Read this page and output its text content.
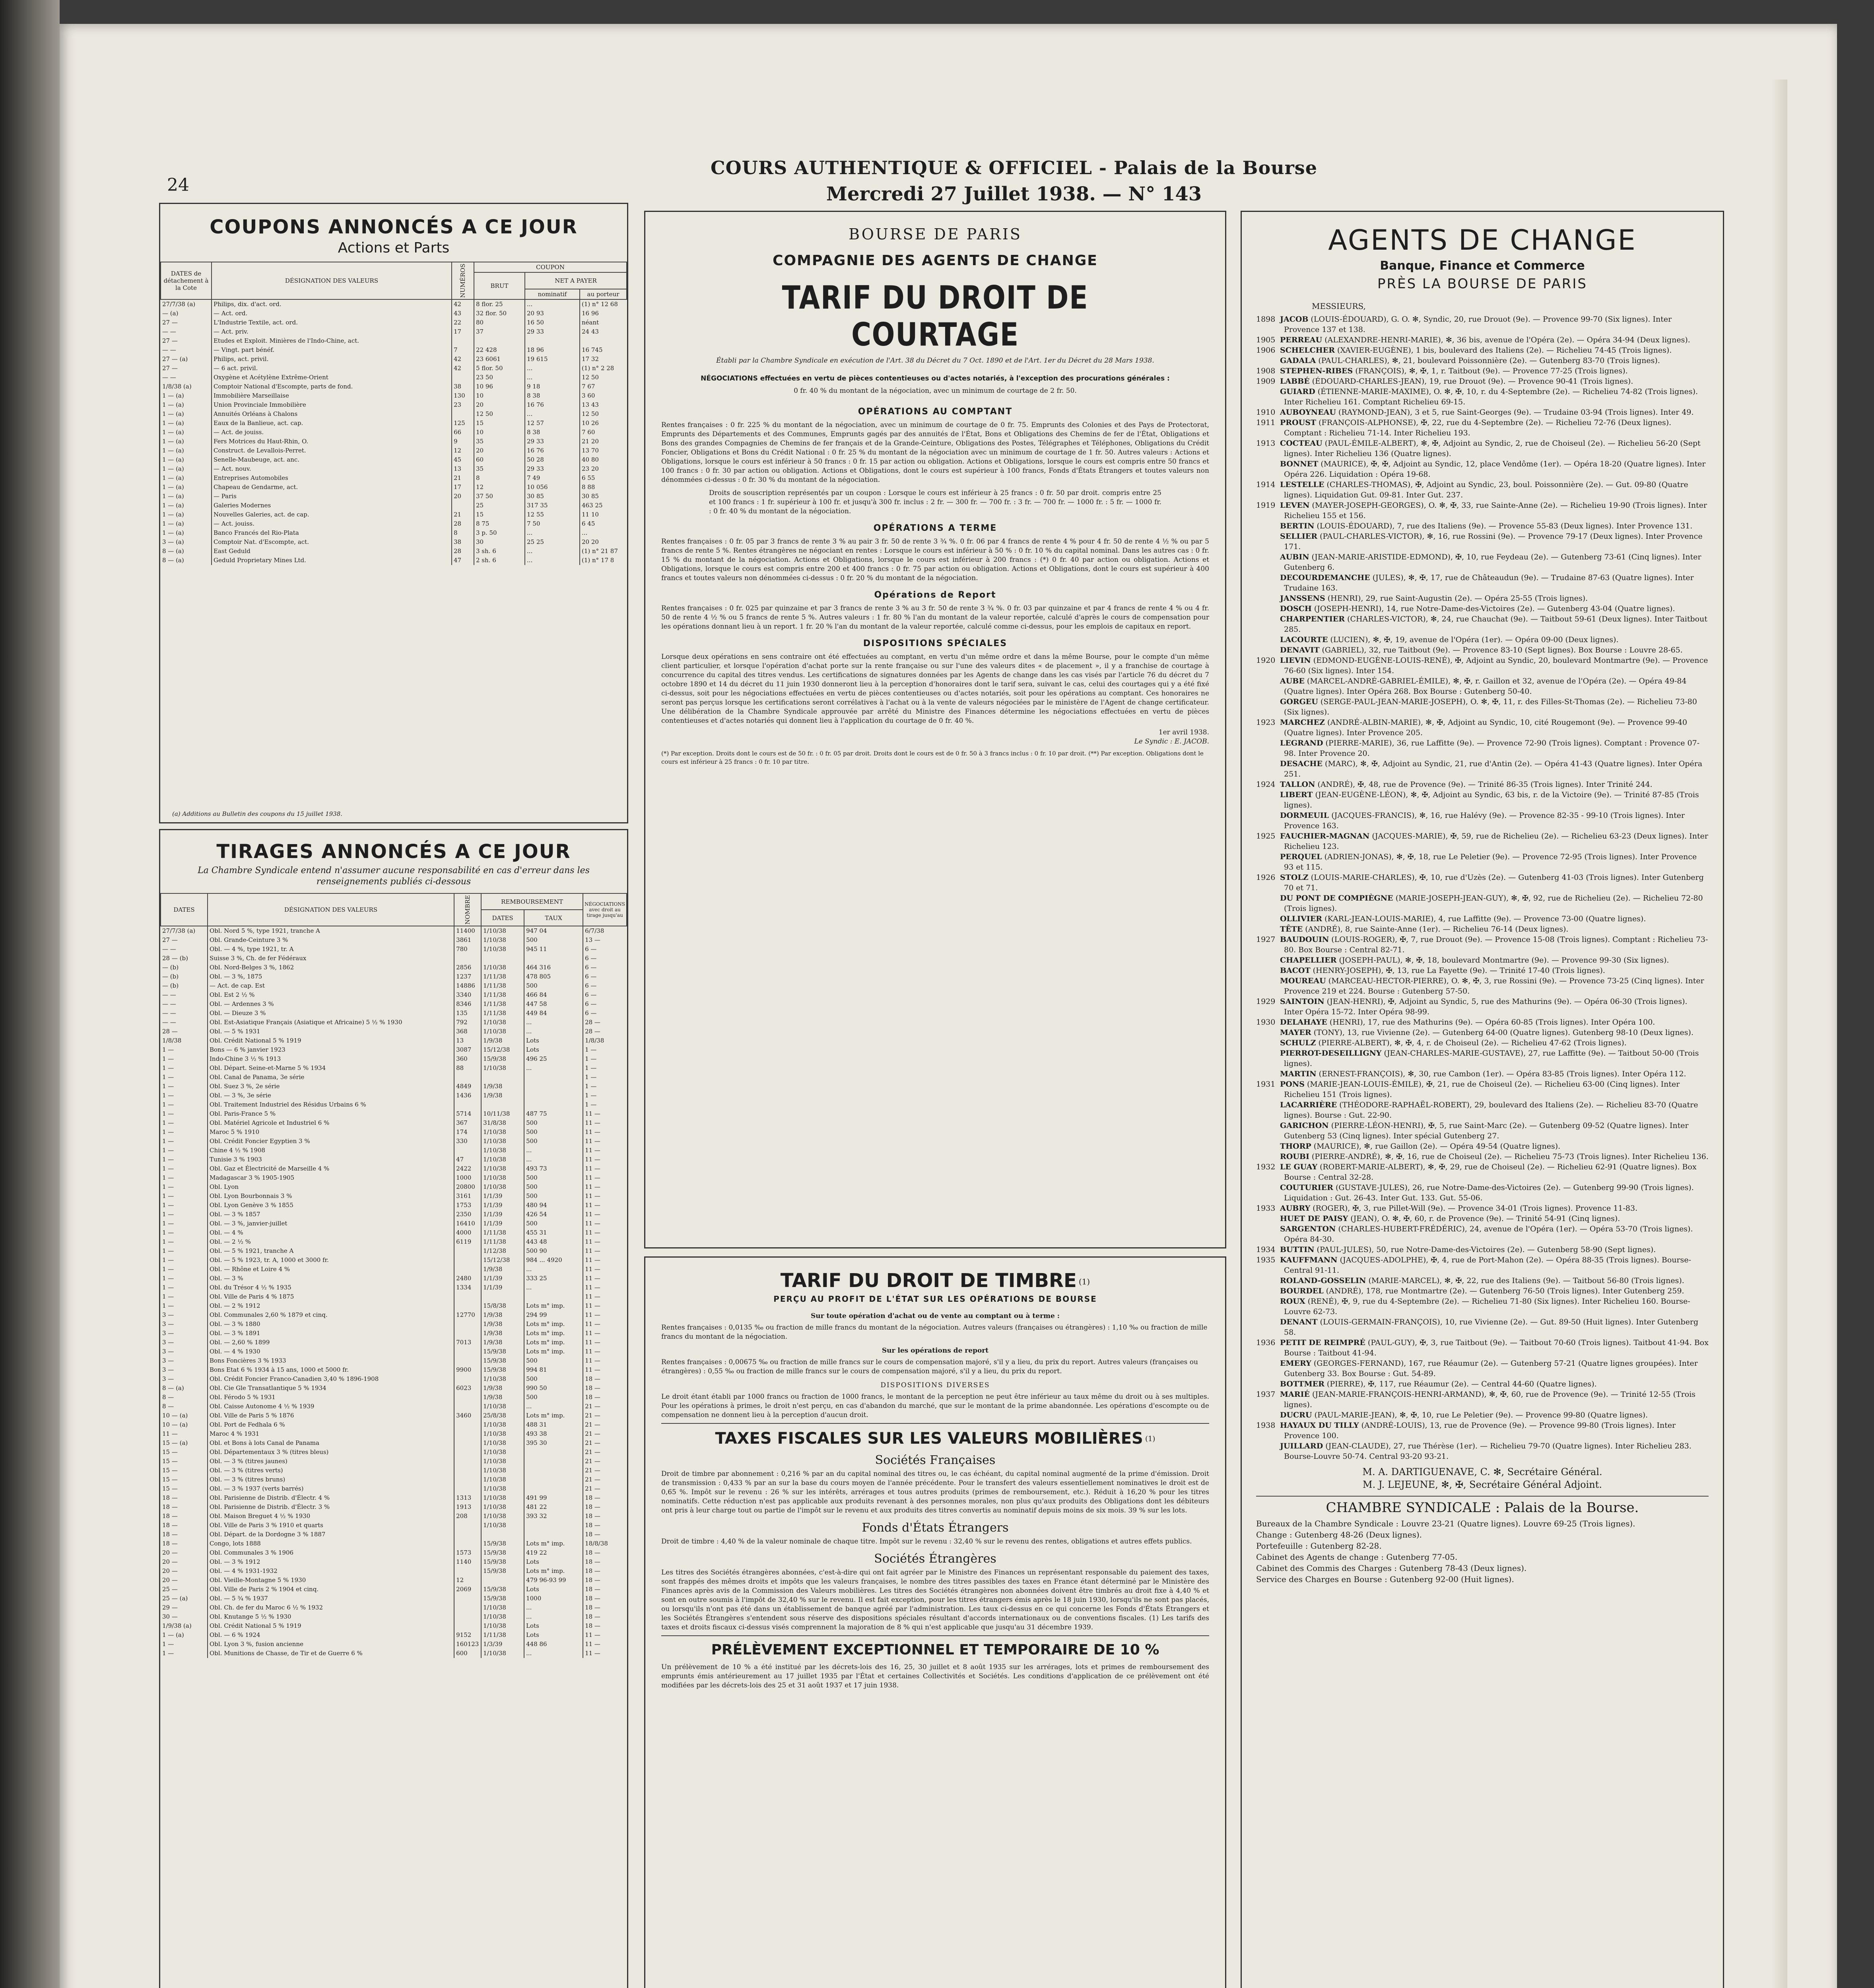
24
COURS AUTHENTIQUE & OFFICIEL - Palais de la Bourse
Mercredi 27 Juillet 1938. — N° 143
COUPONS ANNONCÉS A CE JOUR
Actions et Parts
DATES de détachement à la Cote	DÉSIGNATION DES VALEURS	NUMÉROS	COUPON		
			BRUT	NET A PAYER	
				nominatif	au porteur
27/7/38 (a)	Philips, dix. d'act. ord.	42	8 flor. 25	...	(1) n° 12 68
— (a)	— Act. ord.	43	32 flor. 50	20 93	16 96
27 —	L'Industrie Textile, act. ord.	22	80	16 50	néant
— —	— Act. priv.	17	37	29 33	24 43
27 —	Etudes et Exploit. Minières de l'Indo-Chine, act.				
— —	— Vingt. part bénéf.	7	22 428	18 96	16 745
27 — (a)	Philips, act. privil.	42	23 6061	19 615	17 32
27 —	— 6 act. privil.	42	5 flor. 50	...	(1) n° 2 28
— —	Oxygène et Acétylène Extrême-Orient		23 50	...	12 50
1/8/38 (a)	Comptoir National d'Escompte, parts de fond.	38	10 96	9 18	7 67
1 — (a)	Immobilière Marseillaise	130	10	8 38	3 60
1 — (a)	Union Provinciale Immobilière	23	20	16 76	13 43
1 — (a)	Annuités Orléans à Chalons		12 50	...	12 50
1 — (a)	Eaux de la Banlieue, act. cap.	125	15	12 57	10 26
1 — (a)	— Act. de jouiss.	66	10	8 38	7 60
1 — (a)	Fers Motrices du Haut-Rhin, O.	9	35	29 33	21 20
1 — (a)	Construct. de Levallois-Perret.	12	20	16 76	13 70
1 — (a)	Senelle-Maubeuge, act. anc.	45	60	50 28	40 80
1 — (a)	— Act. nouv.	13	35	29 33	23 20
1 — (a)	Entreprises Automobiles	21	8	7 49	6 55
1 — (a)	Chapeau de Gendarme, act.	17	12	10 056	8 88
1 — (a)	— Paris	20	37 50	30 85	30 85
1 — (a)	Galeries Modernes		25	317 35	463 25
1 — (a)	Nouvelles Galeries, act. de cap.	21	15	12 55	11 10
1 — (a)	— Act. jouiss.	28	8 75	7 50	6 45
1 — (a)	Banco Francés del Rio-Plata	8	3 p. 50	...	...
3 — (a)	Comptoir Nat. d'Escompte, act.	38	30	25 25	20 20
8 — (a)	East Geduld	28	3 sh. 6	...	(1) n° 21 87
8 — (a)	Geduld Proprietary Mines Ltd.	47	2 sh. 6	...	(1) n° 17 8
(a) Additions au Bulletin des coupons du 15 juillet 1938.
TIRAGES ANNONCÉS A CE JOUR
La Chambre Syndicale entend n'assumer aucune responsabilité en cas d'erreur dans les renseignements publiés ci-dessous
DATES	DÉSIGNATION DES VALEURS	NOMBRE	REMBOURSEMENT		NÉGOCIATIONS avec droit au tirage jusqu'au
			DATES	TAUX	
27/7/38 (a)	Obl. Nord 5 %, type 1921, tranche A	11400	1/10/38	947 04	6/7/38
27 —	Obl. Grande-Ceinture 3 %	3861	1/10/38	500	13 —
— —	Obl. — 4 %, type 1921, tr. A	780	1/10/38	945 11	6 —
28 — (b)	Suisse 3 %, Ch. de fer Fédéraux				6 —
— (b)	Obl. Nord-Belges 3 %, 1862	2856	1/10/38	464 316	6 —
— (b)	Obl. — 3 %, 1875	1237	1/11/38	478 805	6 —
— (b)	— Act. de cap. Est	14886	1/11/38	500	6 —
— —	Obl. Est 2 ½ %	3340	1/11/38	466 84	6 —
— —	Obl. — Ardennes 3 %	8346	1/11/38	447 58	6 —
— —	Obl. — Dieuze 3 %	135	1/11/38	449 84	6 —
— —	Obl. Est-Asiatique Français (Asiatique et Africaine) 5 ½ % 1930	792	1/10/38	...	28 —
28 —	Obl. — 5 % 1931	368	1/10/38	...	28 —
1/8/38	Obl. Crédit National 5 % 1919	13	1/9/38	Lots	1/8/38
1 —	Bons — 6 % janvier 1923	3087	15/12/38	Lots	1 —
1 —	Indo-Chine 3 ½ % 1913	360	15/9/38	496 25	1 —
1 —	Obl. Départ. Seine-et-Marne 5 % 1934	88	1/10/38	...	1 —
1 —	Obl. Canal de Panama, 3e série				1 —
1 —	Obl. Suez 3 %, 2e série	4849	1/9/38		1 —
1 —	Obl. — 3 %, 3e série	1436	1/9/38		1 —
1 —	Obl. Traitement Industriel des Résidus Urbains 6 %				1 —
1 —	Obl. Paris-France 5 %	5714	10/11/38	487 75	11 —
1 —	Obl. Matériel Agricole et Industriel 6 %	367	31/8/38	500	11 —
1 —	Maroc 5 % 1910	174	1/10/38	500	11 —
1 —	Obl. Crédit Foncier Egyptien 3 %	330	1/10/38	500	11 —
1 —	Chine 4 ½ % 1908		1/10/38	...	11 —
1 —	Tunisie 3 % 1903	47	1/10/38	...	11 —
1 —	Obl. Gaz et Électricité de Marseille 4 %	2422	1/10/38	493 73	11 —
1 —	Madagascar 3 % 1905-1905	1000	1/10/38	500	11 —
1 —	Obl. Lyon	20800	1/10/38	500	11 —
1 —	Obl. Lyon Bourbonnais 3 %	3161	1/1/39	500	11 —
1 —	Obl. Lyon Genève 3 % 1855	1753	1/1/39	480 94	11 —
1 —	Obl. — 3 % 1857	2350	1/1/39	426 54	11 —
1 —	Obl. — 3 %, janvier-juillet	16410	1/1/39	500	11 —
1 —	Obl. — 4 %	4000	1/11/38	455 31	11 —
1 —	Obl. — 2 ½ %	6119	1/11/38	443 48	11 —
1 —	Obl. — 5 % 1921, tranche A		1/12/38	500 90	11 —
1 —	Obl. — 5 % 1923, tr. A, 1000 et 3000 fr.		15/12/38	984 ... 4920	11 —
1 —	Obl. — Rhône et Loire 4 %		1/9/38	...	11 —
1 —	Obl. — 3 %	2480	1/1/39	333 25	11 —
1 —	Obl. du Trésor 4 ½ % 1935	1334	1/1/39	...	11 —
1 —	Obl. Ville de Paris 4 % 1875				11 —
1 —	Obl. — 2 % 1912		15/8/38	Lots m° imp.	11 —
3 —	Obl. Communales 2,60 % 1879 et cinq.	12770	1/9/38	294 99	11 —
3 —	Obl. — 3 % 1880		1/9/38	Lots m° imp.	11 —
3 —	Obl. — 3 % 1891		1/9/38	Lots m° imp.	11 —
3 —	Obl. — 2,60 % 1899	7013	1/9/38	Lots m° imp.	11 —
3 —	Obl. — 4 % 1930		15/9/38	Lots m° imp.	11 —
3 —	Bons Foncières 3 % 1933		15/9/38	500	11 —
3 —	Bons Etat 6 % 1934 à 15 ans, 1000 et 5000 fr.	9900	15/9/38	994 81	11 —
3 —	Obl. Crédit Foncier Franco-Canadien 3,40 % 1896-1908		1/10/38	500	18 —
8 — (a)	Obl. Cie Gle Transatlantique 5 % 1934	6023	1/9/38	990 50	18 —
8 —	Obl. Férodo 5 % 1931		1/9/38	500	18 —
8 —	Obl. Caisse Autonome 4 ½ % 1939		1/10/38	...	21 —
10 — (a)	Obl. Ville de Paris 5 % 1876	3460	25/8/38	Lots m° imp.	21 —
10 — (a)	Obl. Port de Fedhala 6 %		1/10/38	488 31	21 —
11 —	Maroc 4 % 1931		1/10/38	493 38	21 —
15 — (a)	Obl. et Bons à lots Canal de Panama		1/10/38	395 30	21 —
15 —	Obl. Départementaux 3 % (titres bleus)		1/10/38		21 —
15 —	Obl. — 3 % (titres jaunes)		1/10/38		21 —
15 —	Obl. — 3 % (titres verts)		1/10/38		21 —
15 —	Obl. — 3 % (titres bruns)		1/10/38		21 —
15 —	Obl. — 3 % 1937 (verts barrés)		1/10/38		21 —
18 —	Obl. Parisienne de Distrib. d'Électr. 4 %	1313	1/10/38	491 99	18 —
18 —	Obl. Parisienne de Distrib. d'Électr. 3 %	1913	1/10/38	481 22	18 —
18 —	Obl. Maison Breguet 4 ½ % 1930	208	1/10/38	393 32	18 —
18 —	Obl. Ville de Paris 3 % 1910 et quarts		1/10/38		18 —
18 —	Obl. Départ. de la Dordogne 3 % 1887				18 —
18 —	Congo, lots 1888		15/9/38	Lots m° imp.	18/8/38
20 —	Obl. Communales 3 % 1906	1573	15/9/38	419 22	18 —
20 —	Obl. — 3 % 1912	1140	15/9/38	Lots	18 —
20 —	Obl. — 4 % 1931-1932		15/9/38	Lots m° imp.	18 —
20 —	Obl. Vieille-Montagne 5 % 1930	12		479 96-93 99	18 —
25 —	Obl. Ville de Paris 2 % 1904 et cinq.	2069	15/9/38	Lots	18 —
25 — (a)	Obl. — 5 ¾ % 1937		15/9/38	1000	18 —
29 —	Obl. Ch. de fer du Maroc 6 ½ % 1932		1/10/38	...	18 —
30 —	Obl. Knutange 5 ½ % 1930		1/10/38	...	18 —
1/9/38 (a)	Obl. Crédit National 5 % 1919		1/10/38	Lots	18 —
1 — (a)	Obl. — 6 % 1924	9152	1/11/38	Lots	11 —
1 —	Obl. Lyon 3 %, fusion ancienne	160123	1/3/39	448 86	11 —
1 —	Obl. Munitions de Chasse, de Tir et de Guerre 6 %	600	1/10/38	...	11 —
BOURSE DE PARIS
COMPAGNIE DES AGENTS DE CHANGE
TARIF DU DROIT DE COURTAGE
Établi par la Chambre Syndicale en exécution de l'Art. 38 du Décret du 7 Oct. 1890 et de l'Art. 1er du Décret du 28 Mars 1938.
NÉGOCIATIONS effectuées en vertu de pièces contentieuses ou d'actes notariés, à l'exception des procurations générales :
0 fr. 40 % du montant de la négociation, avec un minimum de courtage de 2 fr. 50.
OPÉRATIONS AU COMPTANT
Rentes françaises : 0 fr. 225 % du montant de la négociation, avec un minimum de courtage de 0 fr. 75. Emprunts des Colonies et des Pays de Protectorat, Emprunts des Départements et des Communes, Emprunts gagés par des annuités de l'État, Bons et Obligations des Chemins de fer de l'État, Obligations et Bons des grandes Compagnies de Chemins de fer français et de la Grande-Ceinture, Obligations des Postes, Télégraphes et Téléphones, Obligations du Crédit Foncier, Obligations et Bons du Crédit National : 0 fr. 25 % du montant de la négociation avec un minimum de courtage de 1 fr. 50. Autres valeurs : Actions et Obligations, lorsque le cours est inférieur à 50 francs : 0 fr. 15 par action ou obligation. Actions et Obligations, lorsque le cours est compris entre 50 francs et 100 francs : 0 fr. 30 par action ou obligation. Actions et Obligations, dont le cours est supérieur à 100 francs, Fonds d'États Étrangers et toutes valeurs non dénommées ci-dessus : 0 fr. 30 % du montant de la négociation.
Droits de souscription représentés par un coupon : Lorsque le cours est inférieur à 25 francs : 0 fr. 50 par droit. compris entre 25 et 100 francs : 1 fr. supérieur à 100 fr. et jusqu'à 300 fr. inclus : 2 fr. — 300 fr. — 700 fr. : 3 fr. — 700 fr. — 1000 fr. : 5 fr. — 1000 fr. : 0 fr. 40 % du montant de la négociation.
OPÉRATIONS A TERME
Rentes françaises : 0 fr. 05 par 3 francs de rente 3 % au pair 3 fr. 50 de rente 3 ¾ %. 0 fr. 06 par 4 francs de rente 4 % pour 4 fr. 50 de rente 4 ½ % ou par 5 francs de rente 5 %. Rentes étrangères ne négociant en rentes : Lorsque le cours est inférieur à 50 % : 0 fr. 10 % du capital nominal. Dans les autres cas : 0 fr. 15 % du montant de la négociation. Actions et Obligations, lorsque le cours est inférieur à 200 francs : (*) 0 fr. 40 par action ou obligation. Actions et Obligations, lorsque le cours est compris entre 200 et 400 francs : 0 fr. 75 par action ou obligation. Actions et Obligations, dont le cours est supérieur à 400 francs et toutes valeurs non dénommées ci-dessus : 0 fr. 20 % du montant de la négociation.
Opérations de Report
Rentes françaises : 0 fr. 025 par quinzaine et par 3 francs de rente 3 % au 3 fr. 50 de rente 3 ¾ %. 0 fr. 03 par quinzaine et par 4 francs de rente 4 % ou 4 fr. 50 de rente 4 ½ % ou 5 francs de rente 5 %. Autres valeurs : 1 fr. 80 % l'an du montant de la valeur reportée, calculé d'après le cours de compensation pour les opérations donnant lieu à un report. 1 fr. 20 % l'an du montant de la valeur reportée, calculé comme ci-dessus, pour les emplois de capitaux en report.
DISPOSITIONS SPÉCIALES
Lorsque deux opérations en sens contraire ont été effectuées au comptant, en vertu d'un même ordre et dans la même Bourse, pour le compte d'un même client particulier, et lorsque l'opération d'achat porte sur la rente française ou sur l'une des valeurs dites « de placement », il y a franchise de courtage à concurrence du capital des titres vendus. Les certifications de signatures données par les Agents de change dans les cas visés par l'article 76 du décret du 7 octobre 1890 et 14 du décret du 11 juin 1930 donneront lieu à la perception d'honoraires dont le tarif sera, suivant le cas, celui des courtages qui y a été fixé ci-dessus, soit pour les négociations effectuées en vertu de pièces contentieuses ou d'actes notariés, soit pour les opérations au comptant. Ces honoraires ne seront pas perçus lorsque les certifications seront corrélatives à l'achat ou à la vente de valeurs négociées par le ministère de l'Agent de change certificateur. Une délibération de la Chambre Syndicale approuvée par arrêté du Ministre des Finances détermine les négociations effectuées en vertu de pièces contentieuses et d'actes notariés qui donnent lieu à l'application du courtage de 0 fr. 40 %.
1er avril 1938.
Le Syndic : E. JACOB.
(*) Par exception. Droits dont le cours est de 50 fr. : 0 fr. 05 par droit. Droits dont le cours est de 0 fr. 50 à 3 francs inclus : 0 fr. 10 par droit. (**) Par exception. Obligations dont le cours est inférieur à 25 francs : 0 fr. 10 par titre.
TARIF DU DROIT DE TIMBRE $^{(1)}$
PERÇU AU PROFIT DE L'ÉTAT SUR LES OPÉRATIONS DE BOURSE
Sur toute opération d'achat ou de vente au comptant ou à terme :
Rentes françaises : 0,0135 ‰ ou fraction de mille francs du montant de la négociation. Autres valeurs (françaises ou étrangères) : 1,10 ‰ ou fraction de mille francs du montant de la négociation.
Sur les opérations de report
Rentes françaises : 0,00675 ‰ ou fraction de mille francs sur le cours de compensation majoré, s'il y a lieu, du prix du report. Autres valeurs (françaises ou étrangères) : 0,55 ‰ ou fraction de mille francs sur le cours de compensation majoré, s'il y a lieu, du prix du report.
DISPOSITIONS DIVERSES
Le droit étant établi par 1000 francs ou fraction de 1000 francs, le montant de la perception ne peut être inférieur au taux même du droit ou à ses multiples. Pour les opérations à primes, le droit n'est perçu, en cas d'abandon du marché, que sur le montant de la prime abandonnée. Les opérations d'escompte ou de compensation ne donnent lieu à la perception d'aucun droit.
TAXES FISCALES SUR LES VALEURS MOBILIÈRES $^{(1)}$
Sociétés Françaises
Droit de timbre par abonnement : 0,216 % par an du capital nominal des titres ou, le cas échéant, du capital nominal augmenté de la prime d'émission. Droit de transmission : 0,433 % par an sur la base du cours moyen de l'année précédente. Pour le transfert des valeurs essentiellement nominatives le droit est de 0,65 %. Impôt sur le revenu : 26 % sur les intérêts, arrérages et tous autres produits (primes de remboursement, etc.). Réduit à 16,20 % pour les titres nominatifs. Cette réduction n'est pas applicable aux produits revenant à des personnes morales, non plus qu'aux produits des Obligations dont les débiteurs ont pris à leur charge tout ou partie de l'impôt sur le revenu et aux produits des titres convertis au nominatif depuis moins de six mois. 39 % sur les lots.
Fonds d'États Étrangers
Droit de timbre : 4,40 % de la valeur nominale de chaque titre. Impôt sur le revenu : 32,40 % sur le revenu des rentes, obligations et autres effets publics.
Sociétés Étrangères
Les titres des Sociétés étrangères abonnées, c'est-à-dire qui ont fait agréer par le Ministre des Finances un représentant responsable du paiement des taxes, sont frappés des mêmes droits et impôts que les valeurs françaises, le nombre des titres passibles des taxes en France étant déterminé par le Ministère des Finances après avis de la Commission des Valeurs mobilières. Les titres des Sociétés étrangères non abonnées doivent être timbrés au droit fixe à 4,40 % et sont en outre soumis à l'impôt de 32,40 % sur le revenu. Il est fait exception, pour les titres étrangers émis après le 18 juin 1930, lorsqu'ils ne sont pas placés, ou lorsqu'ils n'ont pas été dans un établissement de banque agréé par l'administration. Les taux ci-dessus en ce qui concerne les Fonds d'États Étrangers et les Sociétés Étrangères s'entendent sous réserve des dispositions spéciales résultant d'accords internationaux ou de conventions fiscales. (1) Les tarifs des taxes et droits fiscaux ci-dessus visés comprennent la majoration de 8 % qui n'est applicable que jusqu'au 31 décembre 1939.
PRÉLÈVEMENT EXCEPTIONNEL ET TEMPORAIRE DE 10 %
Un prélèvement de 10 % a été institué par les décrets-lois des 16, 25, 30 juillet et 8 août 1935 sur les arrérages, lots et primes de remboursement des emprunts émis antérieurement au 17 juillet 1935 par l'État et certaines Collectivités et Sociétés. Les conditions d'application de ce prélèvement ont été modifiées par les décrets-lois des 25 et 31 août 1937 et 17 juin 1938.
AGENTS DE CHANGE
Banque, Finance et Commerce
PRÈS LA BOURSE DE PARIS
MESSIEURS,

1898 JACOB (LOUIS-ÉDOUARD), G. O. ✻, Syndic, 20, rue Drouot (9e). — Provence 99-70 (Six lignes). Inter Provence 137 et 138.

1905 PERREAU (ALEXANDRE-HENRI-MARIE), ✻, 36 bis, avenue de l'Opéra (2e). — Opéra 34-94 (Deux lignes).

1906 SCHELCHER (XAVIER-EUGÈNE), 1 bis, boulevard des Italiens (2e). — Richelieu 74-45 (Trois lignes).

GADALA (PAUL-CHARLES), ✻, 21, boulevard Poissonnière (2e). — Gutenberg 83-70 (Trois lignes).

1908 STEPHEN-RIBES (FRANÇOIS), ✻, ✠, 1, r. Taitbout (9e). — Provence 77-25 (Trois lignes).

1909 LABBÉ (ÉDOUARD-CHARLES-JEAN), 19, rue Drouot (9e). — Provence 90-41 (Trois lignes).

GUIARD (ÉTIENNE-MARIE-MAXIME), O. ✻, ✠, 10, r. du 4-Septembre (2e). — Richelieu 74-82 (Trois lignes). Inter Richelieu 161. Comptant Richelieu 69-15.

1910 AUBOYNEAU (RAYMOND-JEAN), 3 et 5, rue Saint-Georges (9e). — Trudaine 03-94 (Trois lignes). Inter 49.

1911 PROUST (FRANÇOIS-ALPHONSE), ✠, 22, rue du 4-Septembre (2e). — Richelieu 72-76 (Deux lignes). Comptant : Richelieu 71-14. Inter Richelieu 193.

1913 COCTEAU (PAUL-ÉMILE-ALBERT), ✻, ✠, Adjoint au Syndic, 2, rue de Choiseul (2e). — Richelieu 56-20 (Sept lignes). Inter Richelieu 136 (Quatre lignes).

BONNET (MAURICE), ✠, ✠, Adjoint au Syndic, 12, place Vendôme (1er). — Opéra 18-20 (Quatre lignes). Inter Opéra 226. Liquidation : Opéra 19-68.

1914 LESTELLE (CHARLES-THOMAS), ✠, Adjoint au Syndic, 23, boul. Poissonnière (2e). — Gut. 09-80 (Quatre lignes). Liquidation Gut. 09-81. Inter Gut. 237.

1919 LEVEN (MAYER-JOSEPH-GEORGES), O. ✻, ✠, 33, rue Sainte-Anne (2e). — Richelieu 19-90 (Trois lignes). Inter Richelieu 155 et 156.

BERTIN (LOUIS-ÉDOUARD), 7, rue des Italiens (9e). — Provence 55-83 (Deux lignes). Inter Provence 131.

SELLIER (PAUL-CHARLES-VICTOR), ✻, 16, rue Rossini (9e). — Provence 79-17 (Deux lignes). Inter Provence 171.

AUBIN (JEAN-MARIE-ARISTIDE-EDMOND), ✠, 10, rue Feydeau (2e). — Gutenberg 73-61 (Cinq lignes). Inter Gutenberg 6.

DECOURDEMANCHE (JULES), ✻, ✠, 17, rue de Châteaudun (9e). — Trudaine 87-63 (Quatre lignes). Inter Trudaine 163.

JANSSENS (HENRI), 29, rue Saint-Augustin (2e). — Opéra 25-55 (Trois lignes).

DOSCH (JOSEPH-HENRI), 14, rue Notre-Dame-des-Victoires (2e). — Gutenberg 43-04 (Quatre lignes).

CHARPENTIER (CHARLES-VICTOR), ✻, 24, rue Chauchat (9e). — Taitbout 59-61 (Deux lignes). Inter Taitbout 285.

LACOURTE (LUCIEN), ✻, ✠, 19, avenue de l'Opéra (1er). — Opéra 09-00 (Deux lignes).

DENAVIT (GABRIEL), 32, rue Taitbout (9e). — Provence 83-10 (Sept lignes). Box Bourse : Louvre 28-65.

1920 LIEVIN (EDMOND-EUGÈNE-LOUIS-RENÉ), ✠, Adjoint au Syndic, 20, boulevard Montmartre (9e). — Provence 76-60 (Six lignes). Inter 154.

AUBE (MARCEL-ANDRÉ-GABRIEL-ÉMILE), ✻, ✠, r. Gaillon et 32, avenue de l'Opéra (2e). — Opéra 49-84 (Quatre lignes). Inter Opéra 268. Box Bourse : Gutenberg 50-40.

GORGEU (SERGE-PAUL-JEAN-MARIE-JOSEPH), O. ✻, ✠, 11, r. des Filles-St-Thomas (2e). — Richelieu 73-80 (Six lignes).

1923 MARCHEZ (ANDRÉ-ALBIN-MARIE), ✻, ✠, Adjoint au Syndic, 10, cité Rougemont (9e). — Provence 99-40 (Quatre lignes). Inter Provence 205.

LEGRAND (PIERRE-MARIE), 36, rue Laffitte (9e). — Provence 72-90 (Trois lignes). Comptant : Provence 07-98. Inter Provence 20.

DESACHE (MARC), ✻, ✠, Adjoint au Syndic, 21, rue d'Antin (2e). — Opéra 41-43 (Quatre lignes). Inter Opéra 251.

1924 TALLON (ANDRÉ), ✠, 48, rue de Provence (9e). — Trinité 86-35 (Trois lignes). Inter Trinité 244.

LIBERT (JEAN-EUGÈNE-LÉON), ✻, ✠, Adjoint au Syndic, 63 bis, r. de la Victoire (9e). — Trinité 87-85 (Trois lignes).

DORMEUIL (JACQUES-FRANCIS), ✻, 16, rue Halévy (9e). — Provence 82-35 - 99-10 (Trois lignes). Inter Provence 163.

1925 FAUCHIER-MAGNAN (JACQUES-MARIE), ✠, 59, rue de Richelieu (2e). — Richelieu 63-23 (Deux lignes). Inter Richelieu 123.

PERQUEL (ADRIEN-JONAS), ✻, ✠, 18, rue Le Peletier (9e). — Provence 72-95 (Trois lignes). Inter Provence 93 et 115.

1926 STOLZ (LOUIS-MARIE-CHARLES), ✠, 10, rue d'Uzès (2e). — Gutenberg 41-03 (Trois lignes). Inter Gutenberg 70 et 71.

DU PONT DE COMPIÈGNE (MARIE-JOSEPH-JEAN-GUY), ✻, ✠, 92, rue de Richelieu (2e). — Richelieu 72-80 (Trois lignes).

OLLIVIER (KARL-JEAN-LOUIS-MARIE), 4, rue Laffitte (9e). — Provence 73-00 (Quatre lignes).

TÊTE (ANDRÉ), 8, rue Sainte-Anne (1er). — Richelieu 76-14 (Deux lignes).

1927 BAUDOUIN (LOUIS-ROGER), ✠, 7, rue Drouot (9e). — Provence 15-08 (Trois lignes). Comptant : Richelieu 73-80. Box Bourse : Central 82-71.

CHAPELLIER (JOSEPH-PAUL), ✻, ✠, 18, boulevard Montmartre (9e). — Provence 99-30 (Six lignes).

BACOT (HENRY-JOSEPH), ✠, 13, rue La Fayette (9e). — Trinité 17-40 (Trois lignes).

MOUREAU (MARCEAU-HECTOR-PIERRE), O. ✻, ✠, 3, rue Rossini (9e). — Provence 73-25 (Cinq lignes). Inter Provence 219 et 224. Bourse : Gutenberg 57-50.

1929 SAINTOIN (JEAN-HENRI), ✠, Adjoint au Syndic, 5, rue des Mathurins (9e). — Opéra 06-30 (Trois lignes). Inter Opéra 15-72. Inter Opéra 98-99.

1930 DELAHAYE (HENRI), 17, rue des Mathurins (9e). — Opéra 60-85 (Trois lignes). Inter Opéra 100.

MAYER (TONY), 13, rue Vivienne (2e). — Gutenberg 64-00 (Quatre lignes). Gutenberg 98-10 (Deux lignes).

SCHULZ (PIERRE-ALBERT), ✻, ✠, 4, r. de Choiseul (2e). — Richelieu 47-62 (Trois lignes).

PIERROT-DESEILLIGNY (JEAN-CHARLES-MARIE-GUSTAVE), 27, rue Laffitte (9e). — Taitbout 50-00 (Trois lignes).

MARTIN (ERNEST-FRANÇOIS), ✻, 30, rue Cambon (1er). — Opéra 83-85 (Trois lignes). Inter Opéra 112.

1931 PONS (MARIE-JEAN-LOUIS-ÉMILE), ✠, 21, rue de Choiseul (2e). — Richelieu 63-00 (Cinq lignes). Inter Richelieu 151 (Trois lignes).

LACARRIÈRE (THÉODORE-RAPHAËL-ROBERT), 29, boulevard des Italiens (2e). — Richelieu 83-70 (Quatre lignes). Bourse : Gut. 22-90.

GARICHON (PIERRE-LÉON-HENRI), ✠, 5, rue Saint-Marc (2e). — Gutenberg 09-52 (Quatre lignes). Inter Gutenberg 53 (Cinq lignes). Inter spécial Gutenberg 27.

THORP (MAURICE), ✻, rue Gaillon (2e). — Opéra 49-54 (Quatre lignes).

ROUBI (PIERRE-ANDRÉ), ✻, ✠, 16, rue de Choiseul (2e). — Richelieu 75-73 (Trois lignes). Inter Richelieu 136.

1932 LE GUAY (ROBERT-MARIE-ALBERT), ✻, ✠, 29, rue de Choiseul (2e). — Richelieu 62-91 (Quatre lignes). Box Bourse : Central 32-28.

COUTURIER (GUSTAVE-JULES), 26, rue Notre-Dame-des-Victoires (2e). — Gutenberg 99-90 (Trois lignes). Liquidation : Gut. 26-43. Inter Gut. 133. Gut. 55-06.

1933 AUBRY (ROGER), ✠, 3, rue Pillet-Will (9e). — Provence 34-01 (Trois lignes). Provence 11-83.

HUET DE PAISY (JEAN), O. ✻, ✠, 60, r. de Provence (9e). — Trinité 54-91 (Cinq lignes).

SARGENTON (CHARLES-HUBERT-FRÉDÉRIC), 24, avenue de l'Opéra (1er). — Opéra 53-70 (Trois lignes). Opéra 84-30.

1934 BUTTIN (PAUL-JULES), 50, rue Notre-Dame-des-Victoires (2e). — Gutenberg 58-90 (Sept lignes).

1935 KAUFFMANN (JACQUES-ADOLPHE), ✠, 4, rue de Port-Mahon (2e). — Opéra 88-35 (Trois lignes). Bourse-Central 91-11.

ROLAND-GOSSELIN (MARIE-MARCEL), ✻, ✠, 22, rue des Italiens (9e). — Taitbout 56-80 (Trois lignes).

BOURDEL (ANDRÉ), 178, rue Montmartre (2e). — Gutenberg 76-50 (Trois lignes). Inter Gutenberg 259.

ROUX (RENÉ), ✠, 9, rue du 4-Septembre (2e). — Richelieu 71-80 (Six lignes). Inter Richelieu 160. Bourse-Louvre 62-73.

DENANT (LOUIS-GERMAIN-FRANÇOIS), 10, rue Vivienne (2e). — Gut. 89-50 (Huit lignes). Inter Gutenberg 58.

1936 PETIT DE REIMPRÉ (PAUL-GUY), ✠, 3, rue Taitbout (9e). — Taitbout 70-60 (Trois lignes). Taitbout 41-94. Box Bourse : Taitbout 41-94.

EMERY (GEORGES-FERNAND), 167, rue Réaumur (2e). — Gutenberg 57-21 (Quatre lignes groupées). Inter Gutenberg 33. Box Bourse : Gut. 54-89.

BOTTMER (PIERRE), ✠, 117, rue Réaumur (2e). — Central 44-60 (Quatre lignes).

1937 MARIÉ (JEAN-MARIE-FRANÇOIS-HENRI-ARMAND), ✻, ✠, 60, rue de Provence (9e). — Trinité 12-55 (Trois lignes).

DUCRU (PAUL-MARIE-JEAN), ✻, ✠, 10, rue Le Peletier (9e). — Provence 99-80 (Quatre lignes).

1938 HAYAUX DU TILLY (ANDRÉ-LOUIS), 13, rue de Provence (9e). — Provence 99-80 (Trois lignes). Inter Provence 100.

JUILLARD (JEAN-CLAUDE), 27, rue Thérèse (1er). — Richelieu 79-70 (Quatre lignes). Inter Richelieu 283. Bourse-Louvre 50-74. Central 93-20 93-21.

M. A. DARTIGUENAVE, C. ✻, Secrétaire Général.
M. J. LEJEUNE, ✻, ✠, Secrétaire Général Adjoint.
CHAMBRE SYNDICALE : Palais de la Bourse.
Bureaux de la Chambre Syndicale : Louvre 23-21 (Quatre lignes). Louvre 69-25 (Trois lignes).
Change : Gutenberg 48-26 (Deux lignes).
Portefeuille : Gutenberg 82-28.
Cabinet des Agents de change : Gutenberg 77-05.
Cabinet des Commis des Charges : Gutenberg 78-43 (Deux lignes).
Service des Charges en Bourse : Gutenberg 92-00 (Huit lignes).
